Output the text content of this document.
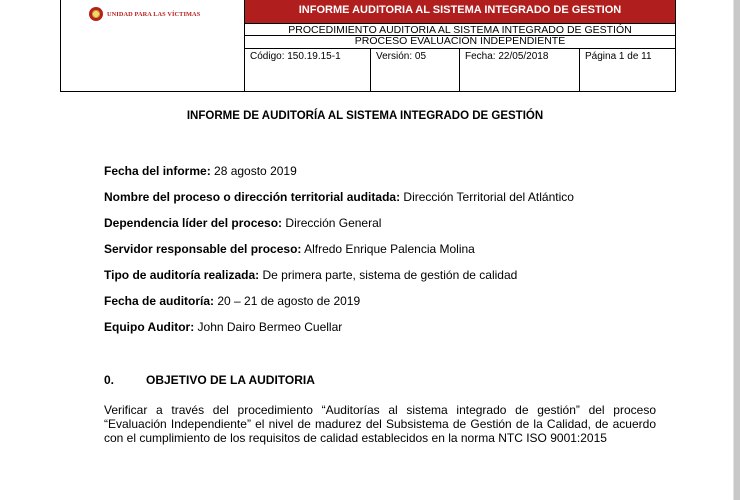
UNIDAD PARA LAS VÍCTIMAS	INFORME AUDITORIA AL SISTEMA INTEGRADO DE GESTION
PROCEDIMIENTO AUDITORIA AL SISTEMA INTEGRADO DE GESTIÓN
PROCESO EVALUACIÓN INDEPENDIENTE
Código: 150.19.15-1	Versión: 05	Fecha: 22/05/2018	Página 1 de 11
INFORME DE AUDITORÍA AL SISTEMA INTEGRADO DE GESTIÓN
Fecha del informe: 28 agosto 2019
Nombre del proceso o dirección territorial auditada: Dirección Territorial del Atlántico
Dependencia líder del proceso: Dirección General
Servidor responsable del proceso: Alfredo Enrique Palencia Molina
Tipo de auditoría realizada: De primera parte, sistema de gestión de calidad
Fecha de auditoría: 20 – 21 de agosto de 2019
Equipo Auditor: John Dairo Bermeo Cuellar
0.	OBJETIVO DE LA AUDITORIA
Verificar a través del procedimiento “Auditorías al sistema integrado de gestión” del proceso “Evaluación Independiente” el nivel de madurez del Subsistema de Gestión de la Calidad, de acuerdo con el cumplimiento de los requisitos de calidad establecidos en la norma NTC ISO 9001:2015
